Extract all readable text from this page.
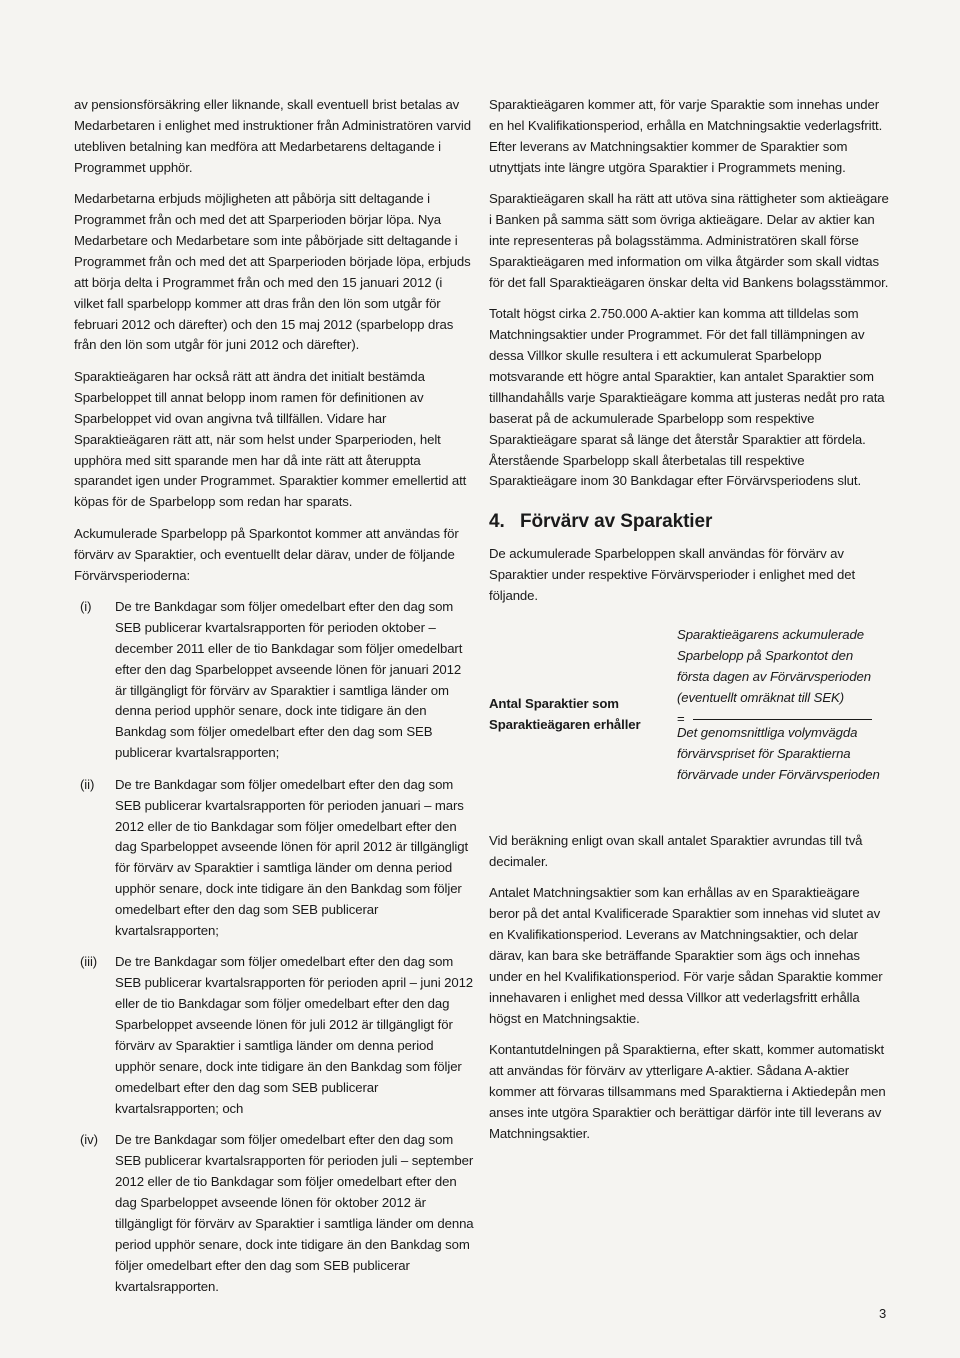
av pensionsförsäkring eller liknande, skall eventuell brist betalas av Medarbetaren i enlighet med instruktioner från Administratören varvid utebliven betalning kan medföra att Medarbetarens deltagande i Programmet upphör.

Medarbetarna erbjuds möjligheten att påbörja sitt deltagande i Programmet från och med det att Sparperioden börjar löpa. Nya Medarbetare och Medarbetare som inte påbörjade sitt deltagande i Programmet från och med det att Sparperioden började löpa, erbjuds att börja delta i Programmet från och med den 15 januari 2012 (i vilket fall sparbelopp kommer att dras från den lön som utgår för februari 2012 och därefter) och den 15 maj 2012 (sparbelopp dras från den lön som utgår för juni 2012 och därefter).

Sparaktieägaren har också rätt att ändra det initialt bestämda Sparbeloppet till annat belopp inom ramen för definitionen av Sparbeloppet vid ovan angivna två tillfällen. Vidare har Sparaktieägaren rätt att, när som helst under Sparperioden, helt upphöra med sitt sparande men har då inte rätt att återuppta sparandet igen under Programmet. Sparaktier kommer emellertid att köpas för de Sparbelopp som redan har sparats.

Ackumulerade Sparbelopp på Sparkontot kommer att användas för förvärv av Sparaktier, och eventuellt delar därav, under de följande Förvärvsperioderna:

(i)	De tre Bankdagar som följer omedelbart efter den dag som SEB publicerar kvartalsrapporten för perioden oktober – december 2011 eller de tio Bankdagar som följer omedelbart efter den dag Sparbeloppet avseende lönen för januari 2012 är tillgängligt för förvärv av Sparaktier i samtliga länder om denna period upphör senare, dock inte tidigare än den Bankdag som följer omedelbart efter den dag som SEB publicerar kvartalsrapporten;
(ii)	De tre Bankdagar som följer omedelbart efter den dag som SEB publicerar kvartalsrapporten för perioden januari – mars 2012 eller de tio Bankdagar som följer omedelbart efter den dag Sparbeloppet avseende lönen för april 2012 är tillgängligt för förvärv av Sparaktier i samtliga länder om denna period upphör senare, dock inte tidigare än den Bankdag som följer omedelbart efter den dag som SEB publicerar kvartalsrapporten;
(iii)	De tre Bankdagar som följer omedelbart efter den dag som SEB publicerar kvartalsrapporten för perioden april – juni 2012 eller de tio Bankdagar som följer omedelbart efter den dag Sparbeloppet avseende lönen för juli 2012 är tillgängligt för förvärv av Sparaktier i samtliga länder om denna period upphör senare, dock inte tidigare än den Bankdag som följer omedelbart efter den dag som SEB publicerar kvartalsrapporten; och
(iv)	De tre Bankdagar som följer omedelbart efter den dag som SEB publicerar kvartalsrapporten för perioden juli – september 2012 eller de tio Bankdagar som följer omedelbart efter den dag Sparbeloppet avseende lönen för oktober 2012 är tillgängligt för förvärv av Sparaktier i samtliga länder om denna period upphör senare, dock inte tidigare än den Bankdag som följer omedelbart efter den dag som SEB publicerar kvartalsrapporten.

Sparaktieägaren kommer att, för varje Sparaktie som innehas under en hel Kvalifikationsperiod, erhålla en Matchningsaktie vederlagsfritt. Efter leverans av Matchningsaktier kommer de Sparaktier som utnyttjats inte längre utgöra Sparaktier i Programmets mening.

Sparaktieägaren skall ha rätt att utöva sina rättigheter som aktieägare i Banken på samma sätt som övriga aktieägare. Delar av aktier kan inte representeras på bolagsstämma. Administratören skall förse Sparaktieägaren med information om vilka åtgärder som skall vidtas för det fall Sparaktieägaren önskar delta vid Bankens bolagsstämmor.

Totalt högst cirka 2.750.000 A-aktier kan komma att tilldelas som Matchningsaktier under Programmet. För det fall tillämpningen av dessa Villkor skulle resultera i ett ackumulerat Sparbelopp motsvarande ett högre antal Sparaktier, kan antalet Sparaktier som tillhandahålls varje Sparaktieägare komma att justeras nedåt pro rata baserat på de ackumulerade Sparbelopp som respektive Sparaktieägare sparat så länge det återstår Sparaktier att fördela. Återstående Sparbelopp skall återbetalas till respektive Sparaktieägare inom 30 Bankdagar efter Förvärvsperiodens slut.

4. Förvärv av Sparaktier

De ackumulerade Sparbeloppen skall användas för förvärv av Sparaktier under respektive Förvärvsperioder i enlighet med det följande.

Antal Sparaktier som Sparaktieägaren erhåller
Sparaktieägarens ackumulerade Sparbelopp på Sparkontot den första dagen av Förvärvsperioden (eventuellt omräknat till SEK)
=
Det genomsnittliga volymvägda förvärvspriset för Sparaktierna förvärvade under Förvärvsperioden

Vid beräkning enligt ovan skall antalet Sparaktier avrundas till två decimaler.

Antalet Matchningsaktier som kan erhållas av en Sparaktieägare beror på det antal Kvalificerade Sparaktier som innehas vid slutet av en Kvalifikationsperiod. Leverans av Matchningsaktier, och delar därav, kan bara ske beträffande Sparaktier som ägs och innehas under en hel Kvalifikationsperiod. För varje sådan Sparaktie kommer innehavaren i enlighet med dessa Villkor att vederlagsfritt erhålla högst en Matchningsaktie.

Kontantutdelningen på Sparaktierna, efter skatt, kommer automatiskt att användas för förvärv av ytterligare A-aktier. Sådana A-aktier kommer att förvaras tillsammans med Sparaktierna i Aktiedepån men anses inte utgöra Sparaktier och berättigar därför inte till leverans av Matchningsaktier.

3
